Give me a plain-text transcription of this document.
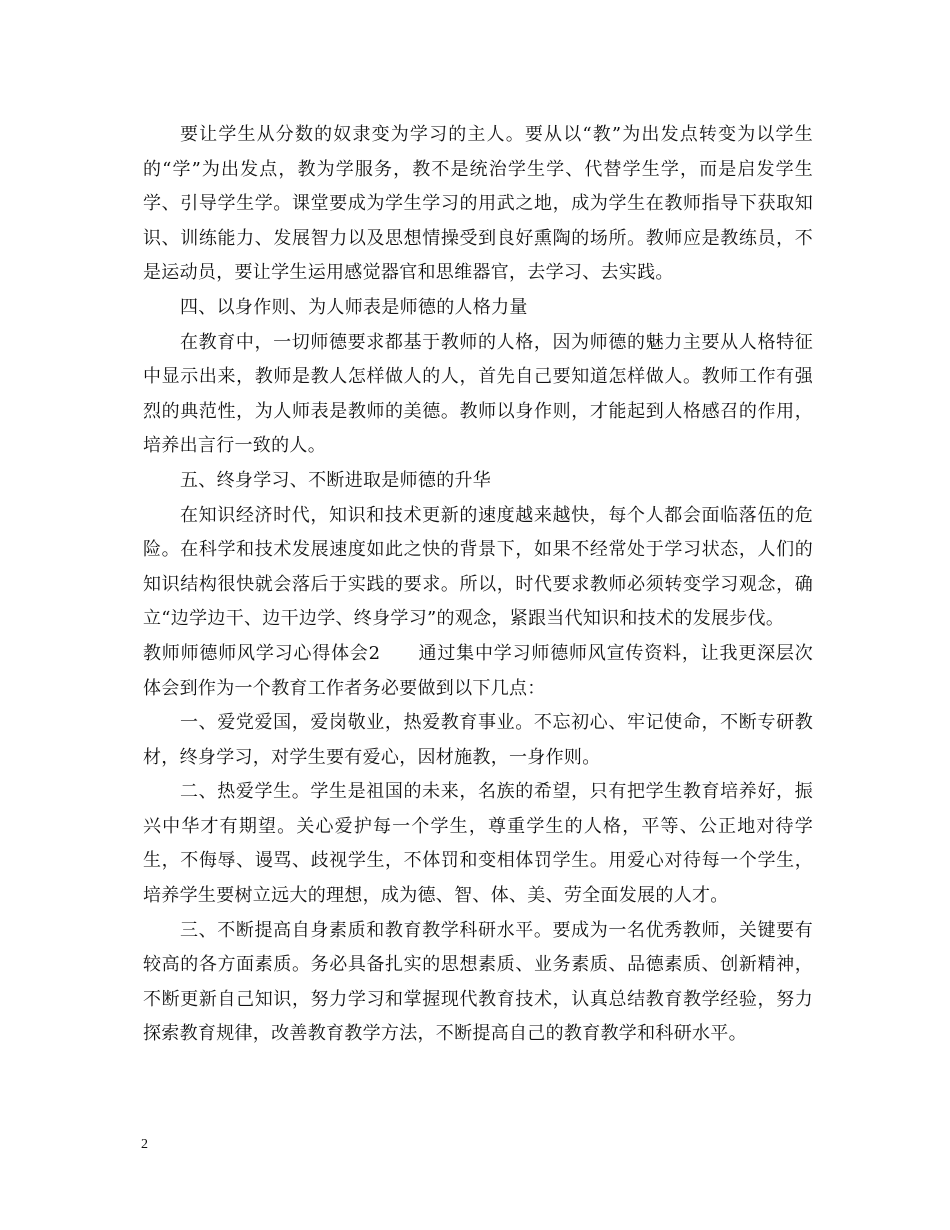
要让学生从分数的奴隶变为学习的主人。要从以“教”为出发点转变为以学生的“学”为出发点，教为学服务，教不是统治学生学、代替学生学，而是启发学生学、引导学生学。课堂要成为学生学习的用武之地，成为学生在教师指导下获取知识、训练能力、发展智力以及思想情操受到良好熏陶的场所。教师应是教练员，不是运动员，要让学生运用感觉器官和思维器官，去学习、去实践。

四、以身作则、为人师表是师德的人格力量

在教育中，一切师德要求都基于教师的人格，因为师德的魅力主要从人格特征中显示出来，教师是教人怎样做人的人，首先自己要知道怎样做人。教师工作有强烈的典范性，为人师表是教师的美德。教师以身作则，才能起到人格感召的作用，培养出言行一致的人。

五、终身学习、不断进取是师德的升华

在知识经济时代，知识和技术更新的速度越来越快，每个人都会面临落伍的危险。在科学和技术发展速度如此之快的背景下，如果不经常处于学习状态，人们的知识结构很快就会落后于实践的要求。所以，时代要求教师必须转变学习观念，确立“边学边干、边干边学、终身学习”的观念，紧跟当代知识和技术的发展步伐。

教师师德师风学习心得体会2　　通过集中学习师德师风宣传资料，让我更深层次体会到作为一个教育工作者务必要做到以下几点：

一、爱党爱国，爱岗敬业，热爱教育事业。不忘初心、牢记使命，不断专研教材，终身学习，对学生要有爱心，因材施教，一身作则。

二、热爱学生。学生是祖国的未来，名族的希望，只有把学生教育培养好，振兴中华才有期望。关心爱护每一个学生，尊重学生的人格，平等、公正地对待学生，不侮辱、谩骂、歧视学生，不体罚和变相体罚学生。用爱心对待每一个学生，培养学生要树立远大的理想，成为德、智、体、美、劳全面发展的人才。

三、不断提高自身素质和教育教学科研水平。要成为一名优秀教师，关键要有较高的各方面素质。务必具备扎实的思想素质、业务素质、品德素质、创新精神，不断更新自己知识，努力学习和掌握现代教育技术，认真总结教育教学经验，努力探索教育规律，改善教育教学方法，不断提高自己的教育教学和科研水平。

2
